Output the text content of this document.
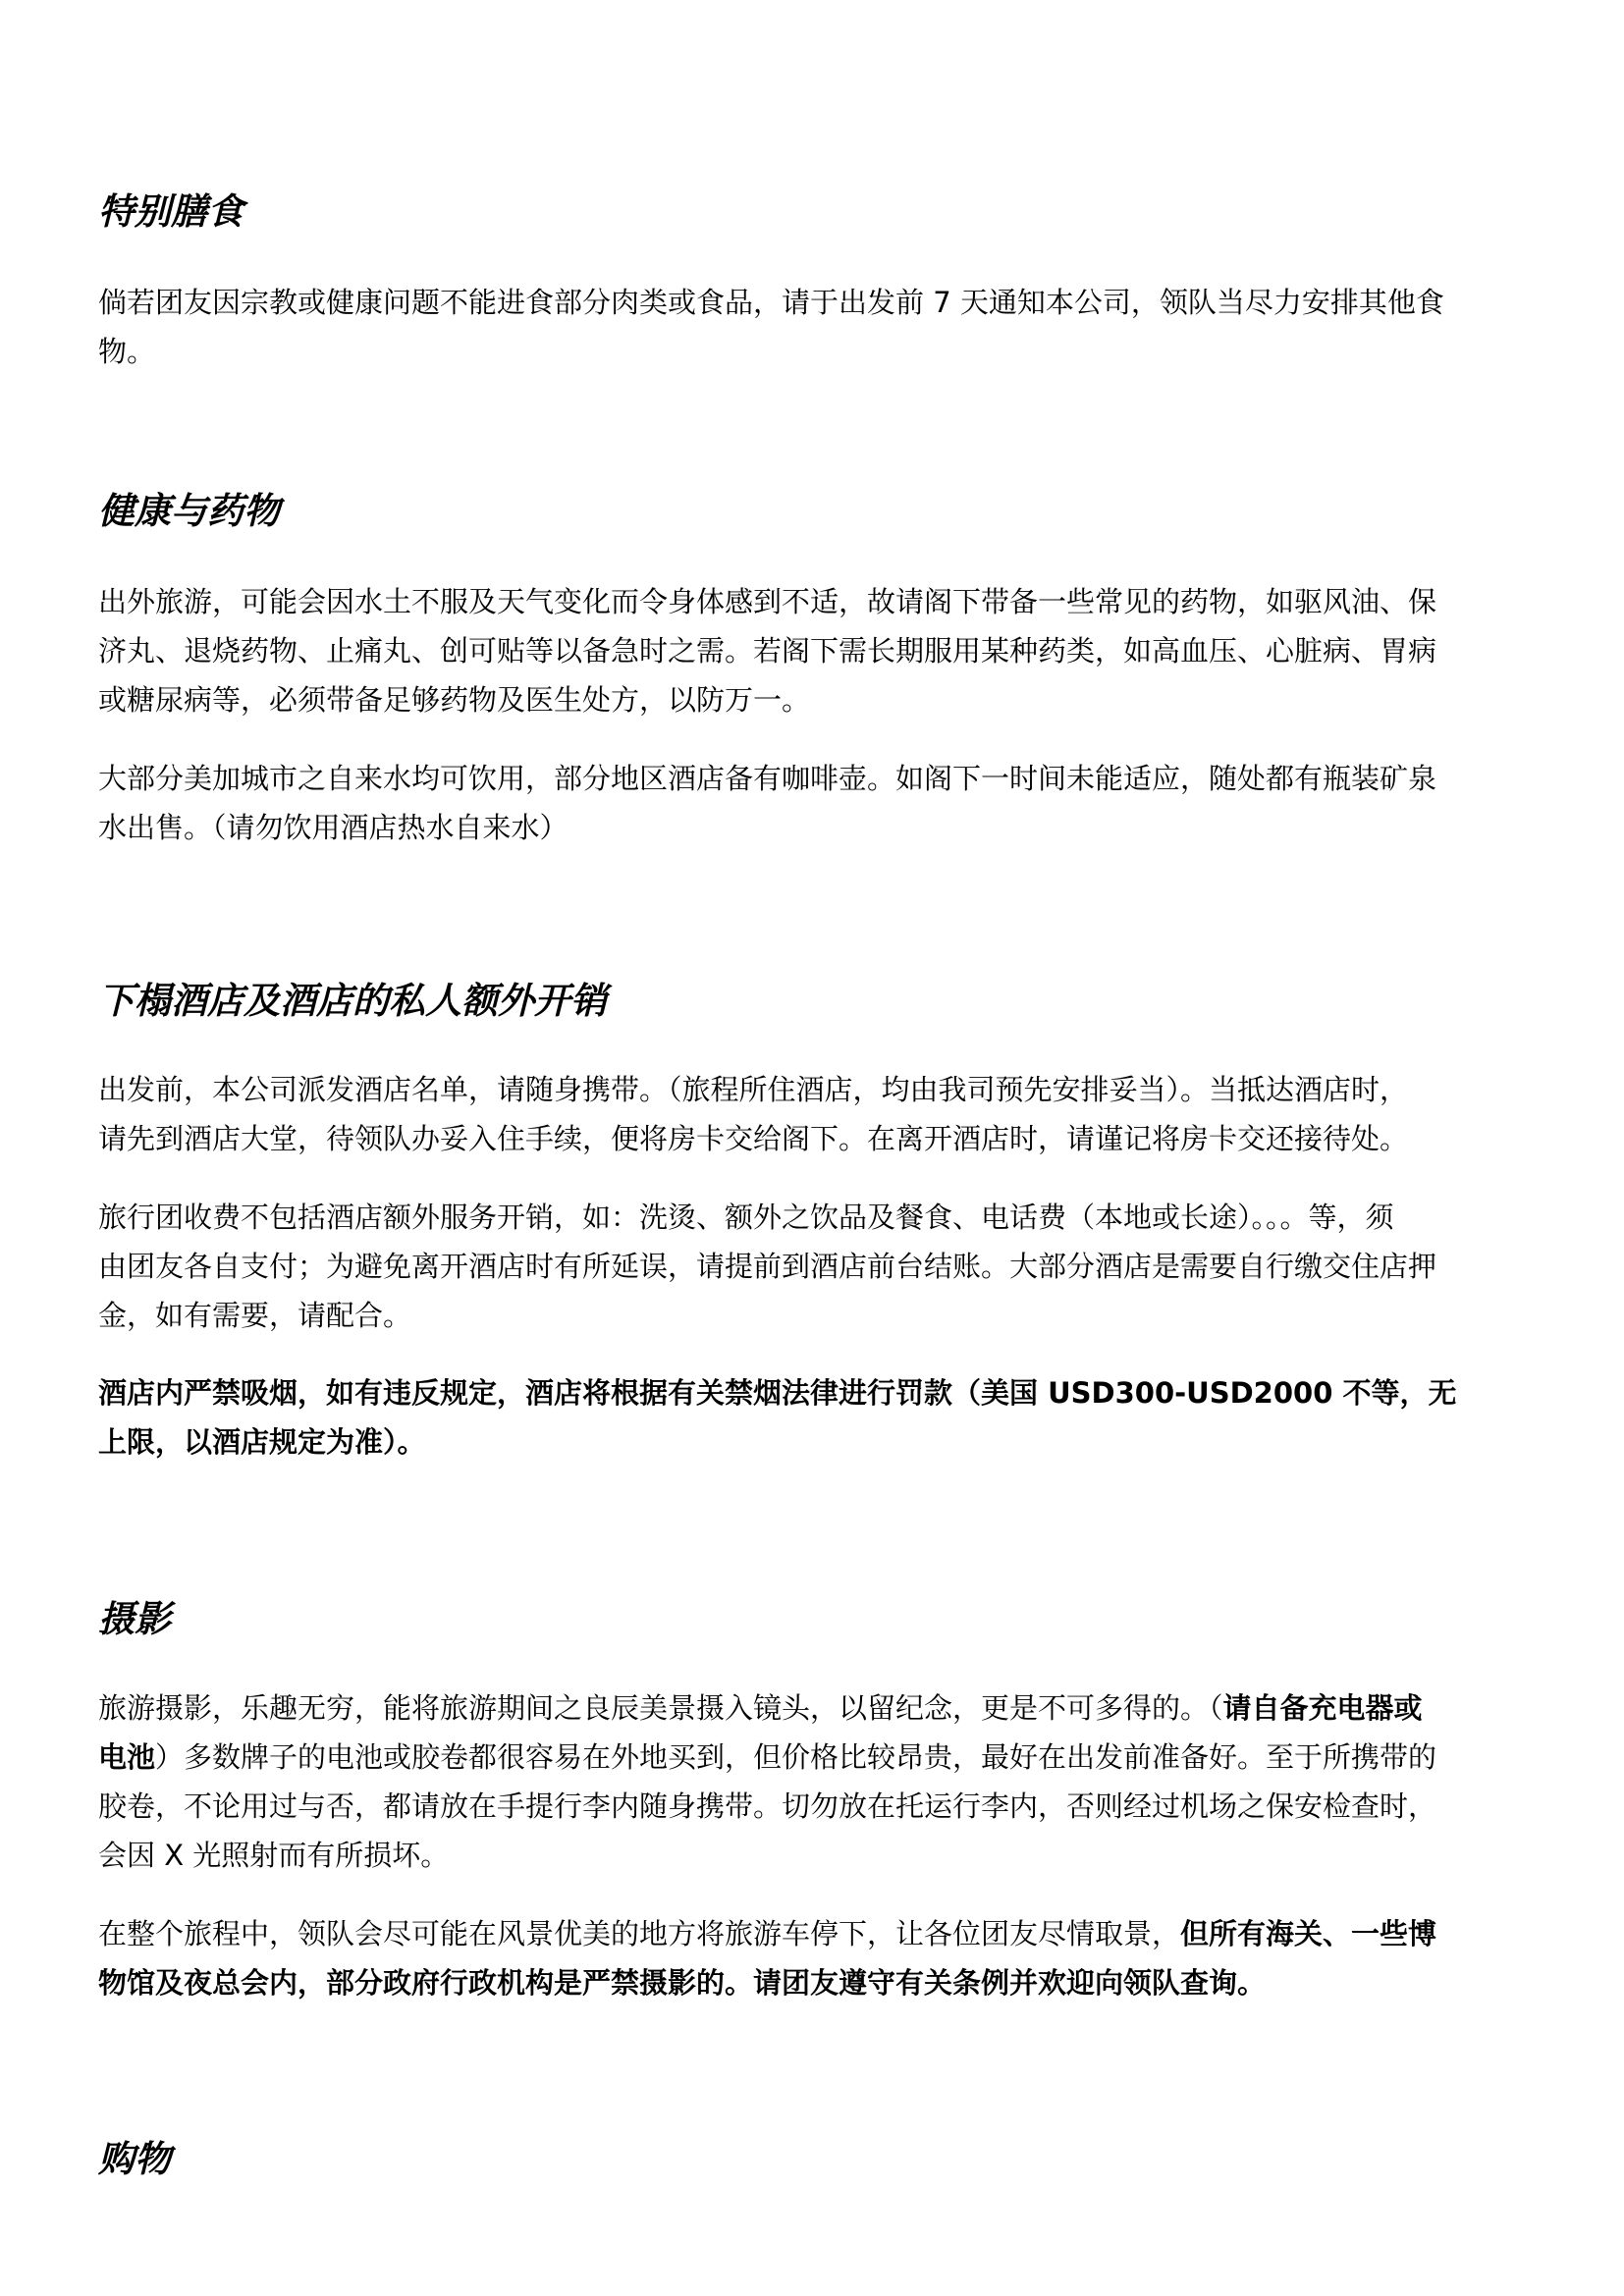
特别膳食
倘若团友因宗教或健康问题不能进食部分肉类或食品，请于出发前 7 天通知本公司，领队当尽力安排其他食
物。
健康与药物
出外旅游，可能会因水土不服及天气变化而令身体感到不适，故请阁下带备一些常见的药物，如驱风油、保
济丸、退烧药物、止痛丸、创可贴等以备急时之需。若阁下需长期服用某种药类，如高血压、心脏病、胃病
或糖尿病等，必须带备足够药物及医生处方，以防万一。
大部分美加城市之自来水均可饮用，部分地区酒店备有咖啡壶。如阁下一时间未能适应，随处都有瓶装矿泉
水出售。（请勿饮用酒店热水自来水）
下榻酒店及酒店的私人额外开销
出发前，本公司派发酒店名单，请随身携带。（旅程所住酒店，均由我司预先安排妥当）。当抵达酒店时，
请先到酒店大堂，待领队办妥入住手续，便将房卡交给阁下。在离开酒店时，请谨记将房卡交还接待处。
旅行团收费不包括酒店额外服务开销，如：洗烫、额外之饮品及餐食、电话费（本地或长途）。。。等，须
由团友各自支付；为避免离开酒店时有所延误，请提前到酒店前台结账。大部分酒店是需要自行缴交住店押
金，如有需要，请配合。
酒店内严禁吸烟，如有违反规定，酒店将根据有关禁烟法律进行罚款（美国 USD300-USD2000 不等，无
上限，以酒店规定为准）。
摄影
旅游摄影，乐趣无穷，能将旅游期间之良辰美景摄入镜头，以留纪念，更是不可多得的。（请自备充电器或
电池）多数牌子的电池或胶卷都很容易在外地买到，但价格比较昂贵，最好在出发前准备好。至于所携带的
胶卷，不论用过与否，都请放在手提行李内随身携带。切勿放在托运行李内，否则经过机场之保安检查时，
会因 X 光照射而有所损坏。
在整个旅程中，领队会尽可能在风景优美的地方将旅游车停下，让各位团友尽情取景，但所有海关、一些博
物馆及夜总会内，部分政府行政机构是严禁摄影的。请团友遵守有关条例并欢迎向领队查询。
购物
